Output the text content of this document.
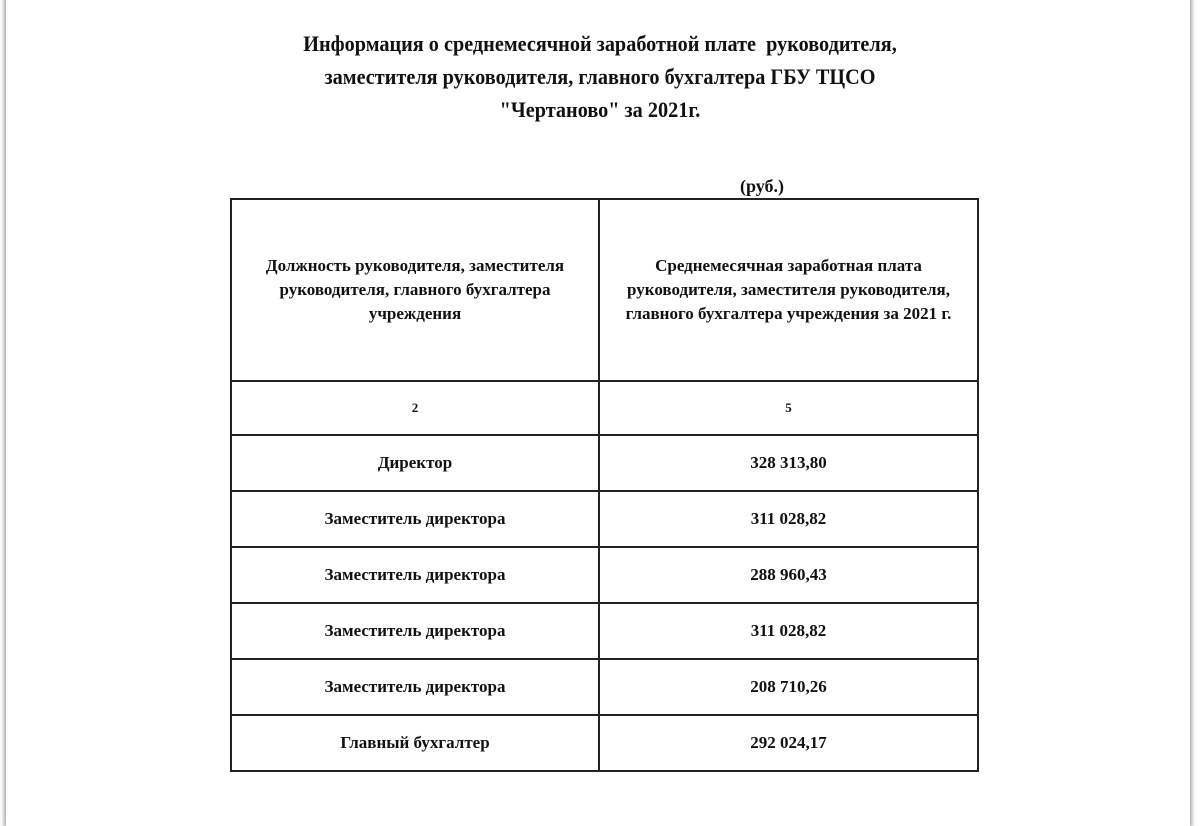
Информация о среднемесячной заработной плате  руководителя,
заместителя руководителя, главного бухгалтера ГБУ ТЦСО
"Чертаново" за 2021г.
(руб.)
Должность руководителя, заместителя руководителя, главного бухгалтера учреждения	Среднемесячная заработная плата руководителя, заместителя руководителя, главного бухгалтера учреждения за 2021 г.

2	5
Директор	328 313,80
Заместитель директора	311 028,82
Заместитель директора	288 960,43
Заместитель директора	311 028,82
Заместитель директора	208 710,26
Главный бухгалтер	292 024,17
